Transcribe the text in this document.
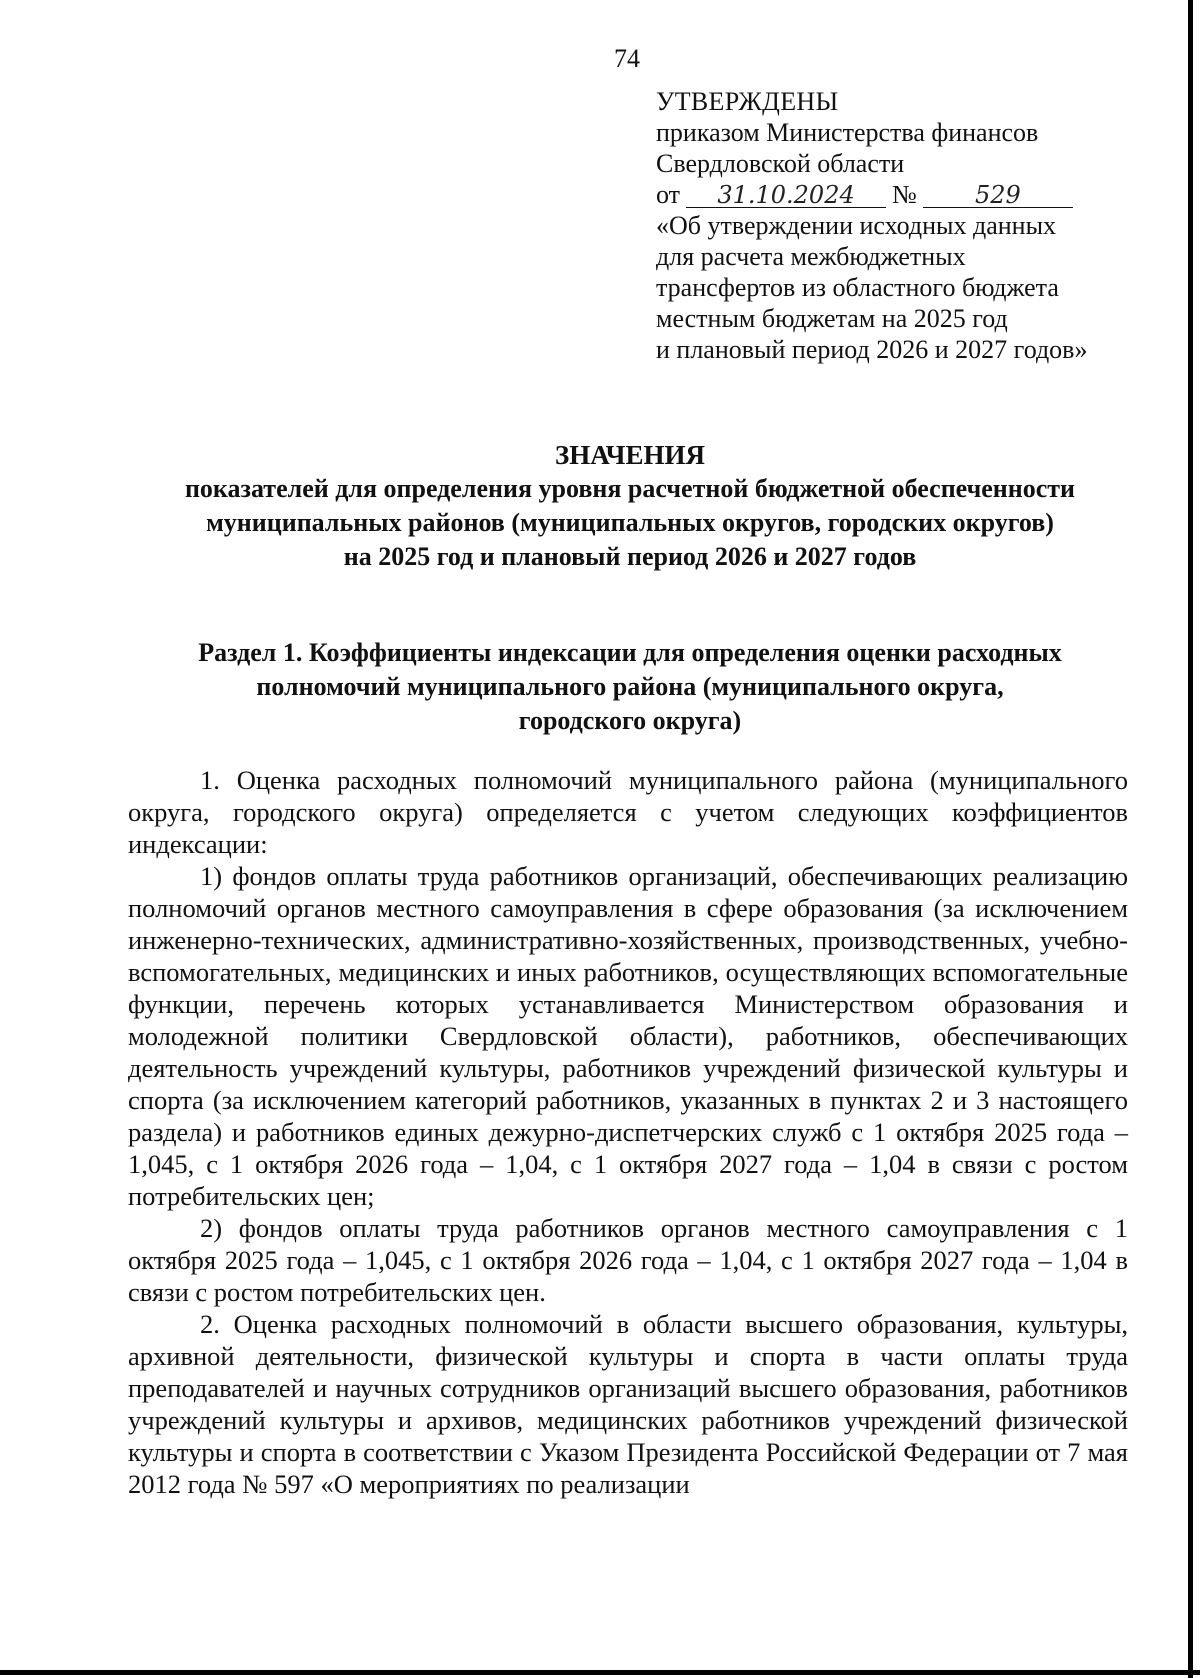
74
УТВЕРЖДЕНЫ
приказом Министерства финансов
Свердловской области
от 31.10.2024 № 529
«Об утверждении исходных данных
для расчета межбюджетных
трансфертов из областного бюджета
местным бюджетам на 2025 год
и плановый период 2026 и 2027 годов»
ЗНАЧЕНИЯ
показателей для определения уровня расчетной бюджетной обеспеченности
муниципальных районов (муниципальных округов, городских округов)
на 2025 год и плановый период 2026 и 2027 годов
Раздел 1. Коэффициенты индексации для определения оценки расходных
полномочий муниципального района (муниципального округа,
городского округа)

1. Оценка расходных полномочий муниципального района (муниципального округа, городского округа) определяется с учетом следующих коэффициентов индексации:

1) фондов оплаты труда работников организаций, обеспечивающих реализацию полномочий органов местного самоуправления в сфере образования (за исключением инженерно-технических, административно-хозяйственных, производственных, учебно-вспомогательных, медицинских и иных работников, осуществляющих вспомогательные функции, перечень которых устанавливается Министерством образования и молодежной политики Свердловской области), работников, обеспечивающих деятельность учреждений культуры, работников учреждений физической культуры и спорта (за исключением категорий работников, указанных в пунктах 2 и 3 настоящего раздела) и работников единых дежурно-диспетчерских служб с 1 октября 2025 года – 1,045, с 1 октября 2026 года – 1,04, с 1 октября 2027 года – 1,04 в связи с ростом потребительских цен;

2) фондов оплаты труда работников органов местного самоуправления с 1 октября 2025 года – 1,045, с 1 октября 2026 года – 1,04, с 1 октября 2027 года – 1,04 в связи с ростом потребительских цен.

2. Оценка расходных полномочий в области высшего образования, культуры, архивной деятельности, физической культуры и спорта в части оплаты труда преподавателей и научных сотрудников организаций высшего образования, работников учреждений культуры и архивов, медицинских работников учреждений физической культуры и спорта в соответствии с Указом Президента Российской Федерации от 7 мая 2012 года № 597 «О мероприятиях по реализации
